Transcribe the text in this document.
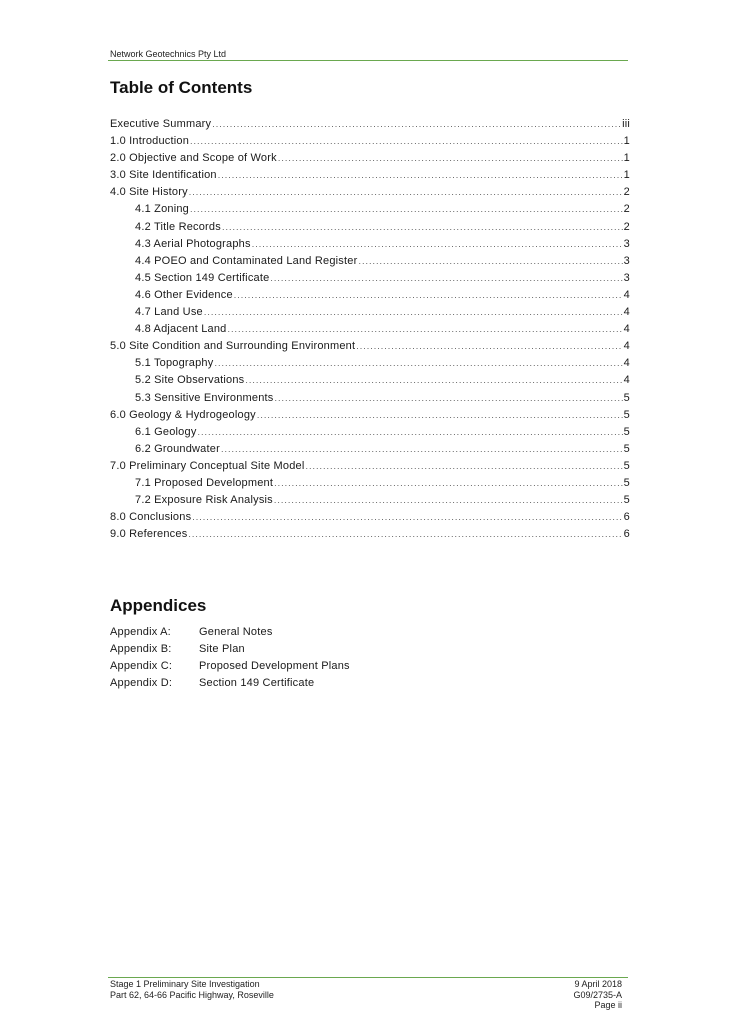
Network Geotechnics Pty Ltd
Table of Contents
Executive Summary .....	iii
1.0 Introduction .....	1
2.0 Objective and Scope of Work .....	1
3.0 Site Identification .....	1
4.0 Site History .....	2
4.1 Zoning .....	2
4.2 Title Records .....	2
4.3 Aerial Photographs .....	3
4.4 POEO and Contaminated Land Register .....	3
4.5 Section 149 Certificate .....	3
4.6 Other Evidence .....	4
4.7 Land Use .....	4
4.8 Adjacent Land .....	4
5.0 Site Condition and Surrounding Environment .....	4
5.1 Topography .....	4
5.2 Site Observations .....	4
5.3 Sensitive Environments .....	5
6.0 Geology & Hydrogeology .....	5
6.1 Geology .....	5
6.2 Groundwater .....	5
7.0 Preliminary Conceptual Site Model .....	5
7.1 Proposed Development .....	5
7.2 Exposure Risk Analysis .....	5
8.0 Conclusions .....	6
9.0 References .....	6
Appendices
Appendix A:	General Notes
Appendix B:	Site Plan
Appendix C:	Proposed Development Plans
Appendix D:	Section 149 Certificate
Stage 1 Preliminary Site Investigation
Part 62, 64-66 Pacific Highway, Roseville
9 April 2018
G09/2735-A
Page ii
